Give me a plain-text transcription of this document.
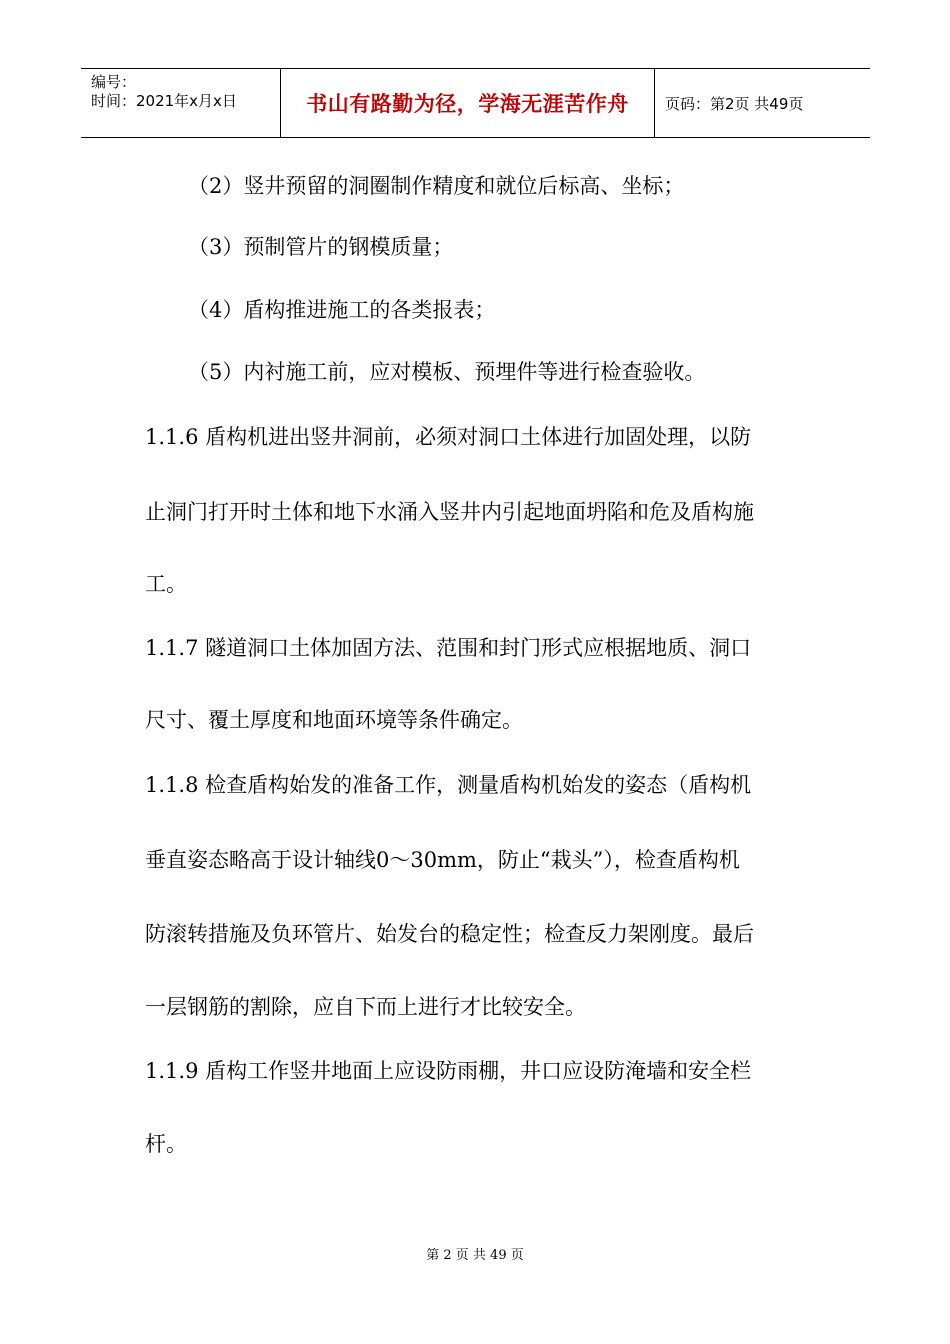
编号：
时间：2021年x月x日	书山有路勤为径，学海无涯苦作舟	页码：第2页 共49页
（2）竖井预留的洞圈制作精度和就位后标高、坐标；
（3）预制管片的钢模质量；
（4）盾构推进施工的各类报表；
（5）内衬施工前，应对模板、预埋件等进行检查验收。
1.1.6 盾构机进出竖井洞前，必须对洞口土体进行加固处理，以防
止洞门打开时土体和地下水涌入竖井内引起地面坍陷和危及盾构施
工。
1.1.7 隧道洞口土体加固方法、范围和封门形式应根据地质、洞口
尺寸、覆土厚度和地面环境等条件确定。
1.1.8 检查盾构始发的准备工作，测量盾构机始发的姿态（盾构机
垂直姿态略高于设计轴线0～30mm，防止“栽头”），检查盾构机
防滚转措施及负环管片、始发台的稳定性；检查反力架刚度。最后
一层钢筋的割除，应自下而上进行才比较安全。
1.1.9 盾构工作竖井地面上应设防雨棚，井口应设防淹墙和安全栏
杆。
第 2 页 共 49 页
